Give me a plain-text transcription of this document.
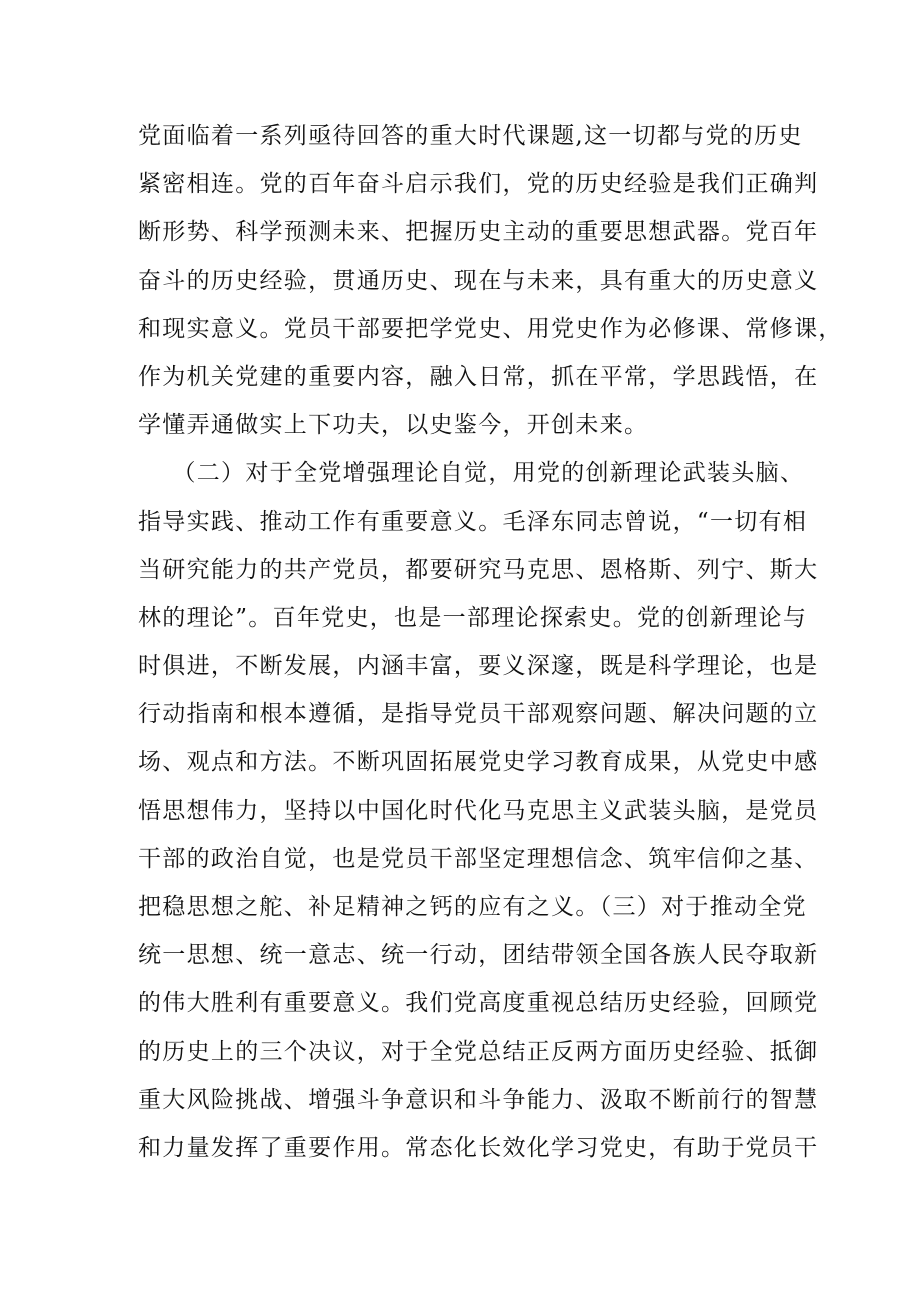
党面临着一系列亟待回答的重大时代课题,这一切都与党的历史
紧密相连。党的百年奋斗启示我们，党的历史经验是我们正确判
断形势、科学预测未来、把握历史主动的重要思想武器。党百年
奋斗的历史经验，贯通历史、现在与未来，具有重大的历史意义
和现实意义。党员干部要把学党史、用党史作为必修课、常修课，
作为机关党建的重要内容，融入日常，抓在平常，学思践悟，在
学懂弄通做实上下功夫，以史鉴今，开创未来。
（二）对于全党增强理论自觉，用党的创新理论武装头脑、
指导实践、推动工作有重要意义。毛泽东同志曾说，“一切有相
当研究能力的共产党员，都要研究马克思、恩格斯、列宁、斯大
林的理论”。百年党史，也是一部理论探索史。党的创新理论与
时俱进，不断发展，内涵丰富，要义深邃，既是科学理论，也是
行动指南和根本遵循，是指导党员干部观察问题、解决问题的立
场、观点和方法。不断巩固拓展党史学习教育成果，从党史中感
悟思想伟力，坚持以中国化时代化马克思主义武装头脑，是党员
干部的政治自觉，也是党员干部坚定理想信念、筑牢信仰之基、
把稳思想之舵、补足精神之钙的应有之义。（三）对于推动全党
统一思想、统一意志、统一行动，团结带领全国各族人民夺取新
的伟大胜利有重要意义。我们党高度重视总结历史经验，回顾党
的历史上的三个决议，对于全党总结正反两方面历史经验、抵御
重大风险挑战、增强斗争意识和斗争能力、汲取不断前行的智慧
和力量发挥了重要作用。常态化长效化学习党史，有助于党员干
